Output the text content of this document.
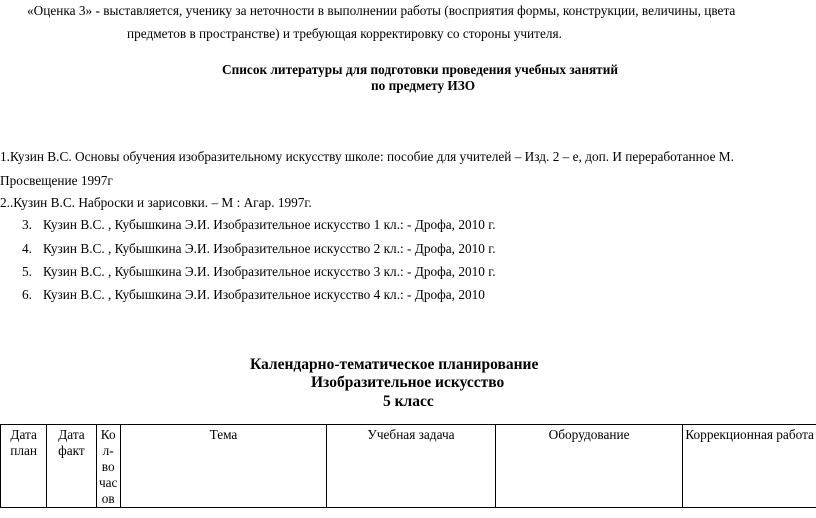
«Оценка 3» - выставляется, ученику за неточности в выполнении работы (восприятия формы, конструкции, величины, цвета
предметов в пространстве) и требующая корректировку со стороны учителя.
Список литературы для подготовки проведения учебных занятий
по предмету ИЗО
1.Кузин В.С. Основы обучения изобразительному искусству школе: пособие для учителей – Изд. 2 – е, доп. И переработанное М.
Просвещение 1997г
2..Кузин В.С. Наброски и зарисовки. – М : Агар. 1997г.
3. Кузин В.С. , Кубышкина Э.И. Изобразительное искусство 1 кл.: - Дрофа, 2010 г.
4. Кузин В.С. , Кубышкина Э.И. Изобразительное искусство 2 кл.: - Дрофа, 2010 г.
5. Кузин В.С. , Кубышкина Э.И. Изобразительное искусство 3 кл.: - Дрофа, 2010 г.
6. Кузин В.С. , Кубышкина Э.И. Изобразительное искусство 4 кл.: - Дрофа, 2010
Календарно-тематическое планирование
Изобразительное искусство
5 класс
Дата
план	Дата
факт	Ко
л-
во
час
ов	Тема	Учебная задача	Оборудование	Коррекционная работа
